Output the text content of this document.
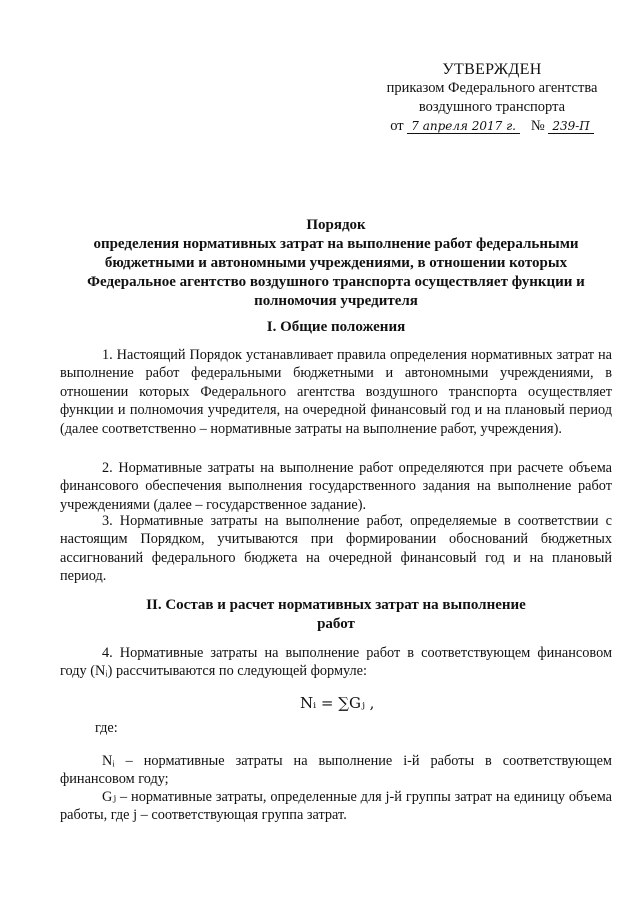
УТВЕРЖДЕН
приказом Федерального агентства
воздушного транспорта
от 7 апреля 2017 г. № 239-П
Порядок
определения нормативных затрат на выполнение работ федеральными
бюджетными и автономными учреждениями, в отношении которых
Федеральное агентство воздушного транспорта осуществляет функции и
полномочия учредителя
I. Общие положения

1. Настоящий Порядок устанавливает правила определения нормативных затрат на выполнение работ федеральными бюджетными и автономными учреждениями, в отношении которых Федерального агентства воздушного транспорта осуществляет функции и полномочия учредителя, на очередной финансовый год и на плановый период (далее соответственно – нормативные затраты на выполнение работ, учреждения).

2. Нормативные затраты на выполнение работ определяются при расчете объема финансового обеспечения выполнения государственного задания на выполнение работ учреждениями (далее – государственное задание).

3. Нормативные затраты на выполнение работ, определяемые в соответствии с настоящим Порядком, учитываются при формировании обоснований бюджетных ассигнований федерального бюджета на очередной финансовый год и на плановый период.

II. Состав и расчет нормативных затрат на выполнение
работ

4. Нормативные затраты на выполнение работ в соответствующем финансовом году (Nᵢ) рассчитываются по следующей формуле:

Nᵢ = ∑Gⱼ ,
где:

Nᵢ – нормативные затраты на выполнение i-й работы в соответствующем финансовом году;

Gⱼ – нормативные затраты, определенные для j-й группы затрат на единицу объема работы, где j – соответствующая группа затрат.
